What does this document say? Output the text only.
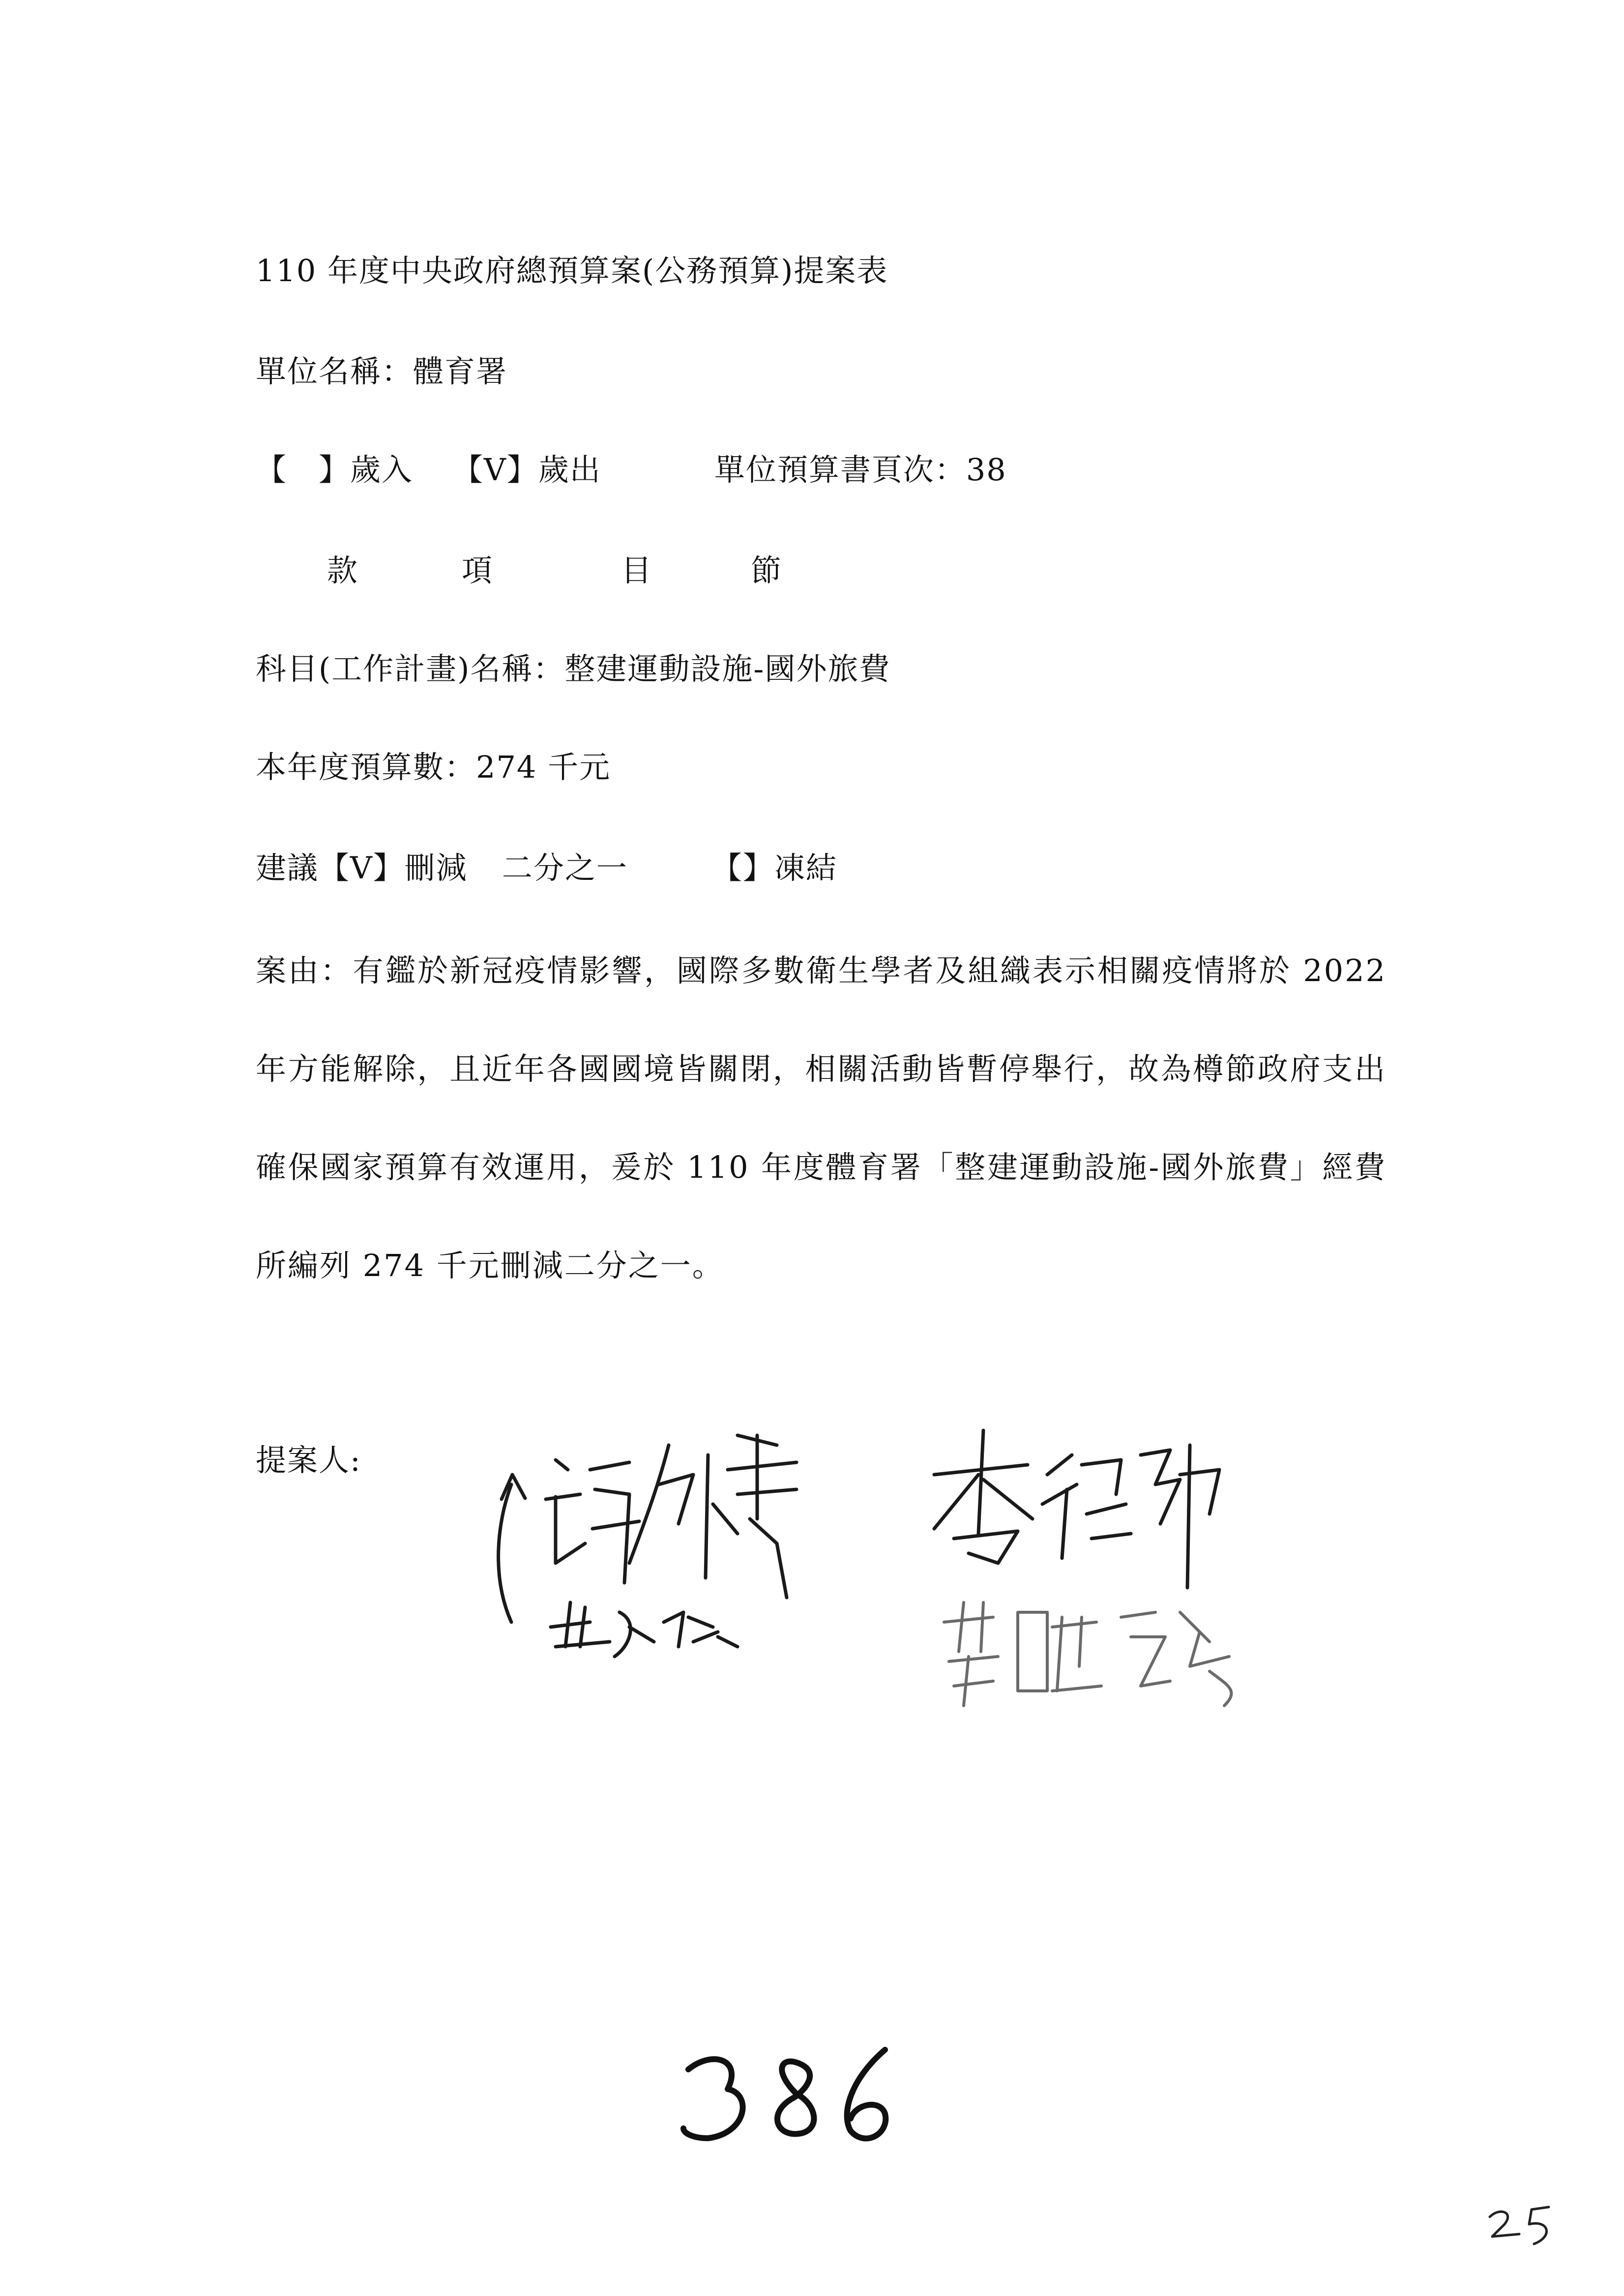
110 年度中央政府總預算案(公務預算)提案表
單位名稱：體育署
【　】歲入 【V】歲出	單位預算書頁次：38
款	項	目	節
科目(工作計畫)名稱：整建運動設施-國外旅費
本年度預算數：274 千元
建議【V】刪減 二分之一	【】凍結
案由：有鑑於新冠疫情影響，國際多數衛生學者及組織表示相關疫情將於 2022 年方能解除，且近年各國國境皆關閉，相關活動皆暫停舉行，故為樽節政府支出確保國家預算有效運用，爰於 110 年度體育署「整建運動設施-國外旅費」經費所編列 274 千元刪減二分之一。
提案人:
